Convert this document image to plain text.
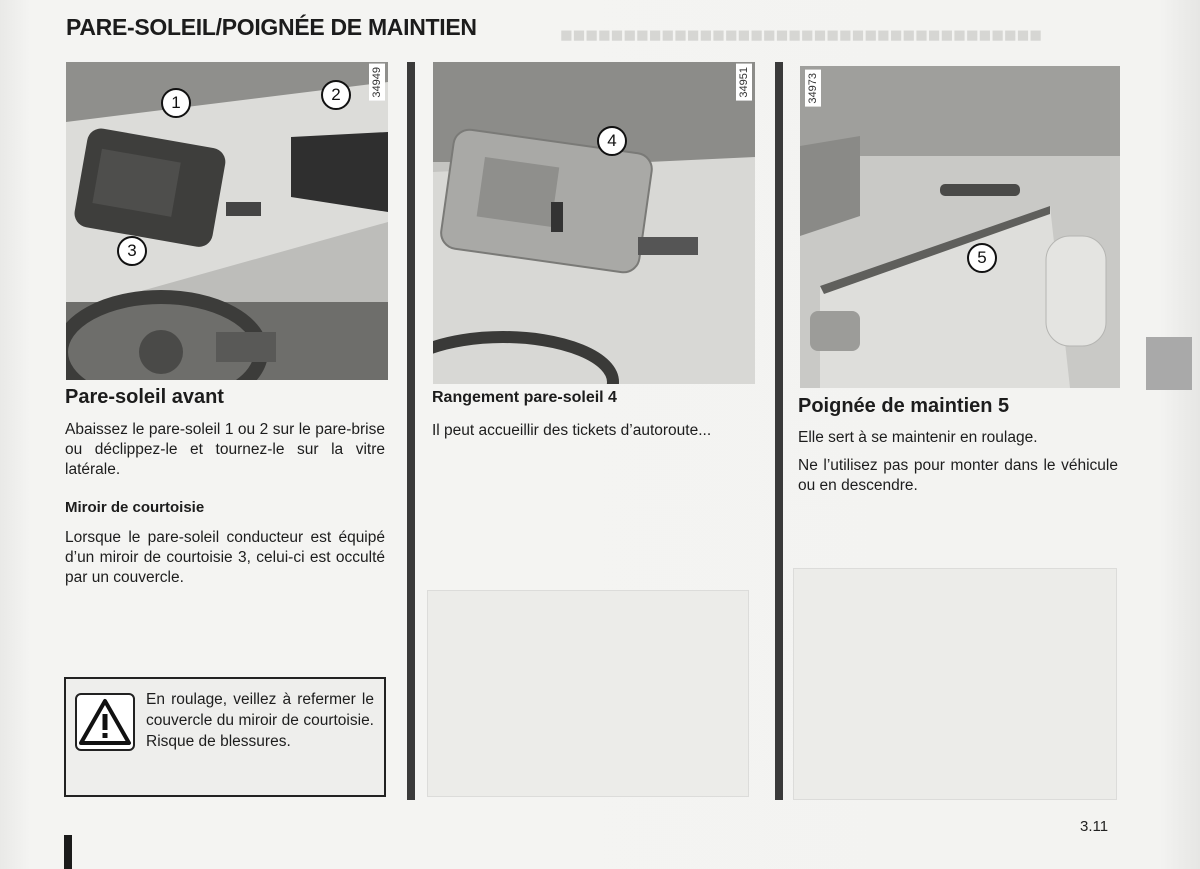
PARE-SOLEIL/POIGNÉE DE MAINTIEN
34949
1	2
3
34951
4
34973
5
■■■■■■■■■■■■■■■■■■■■■■■■■■■■■■■■■■■■■■
Pare-soleil avant

Abaissez le pare-soleil 1 ou 2 sur le pare-brise ou déclippez-le et tournez-le sur la vitre latérale.

Miroir de courtoisie

Lorsque le pare-soleil conducteur est équipé d’un miroir de courtoisie 3, celui-ci est occulté par un couvercle.

En roulage, veillez à refermer le couvercle du miroir de courtoisie. Risque de blessures.
Rangement pare-soleil 4

Il peut accueillir des tickets d’autoroute...

Poignée de maintien 5

Elle sert à se maintenir en roulage.

Ne l’utilisez pas pour monter dans le véhicule ou en descendre.

3.11
